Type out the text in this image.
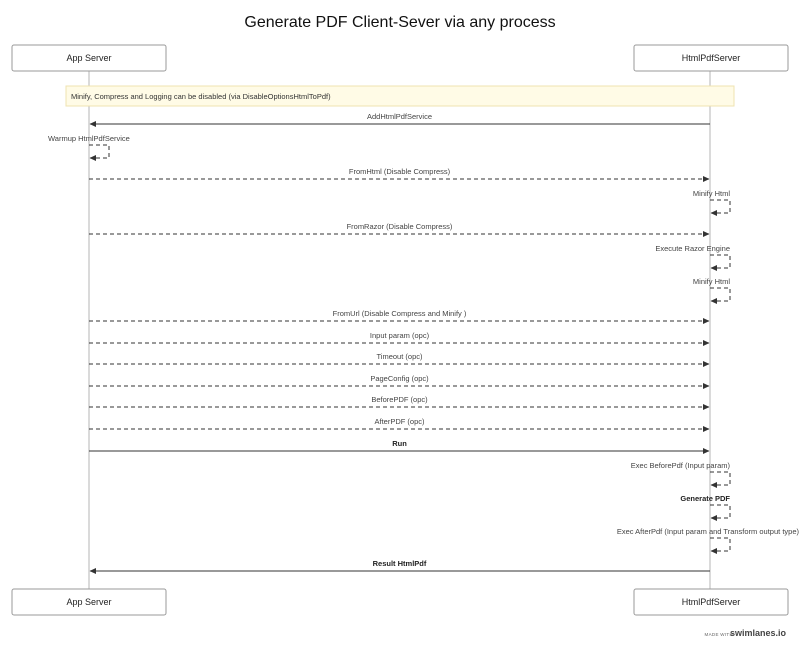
Generate PDF Client-Sever via any process
App Server	HtmlPdfServer
Minify, Compress and Logging can be disabled (via DisableOptionsHtmlToPdf)
AddHtmlPdfService
Warmup HtmlPdfService
FromHtml (Disable Compress)
Minify Html
FromRazor (Disable Compress)
Execute Razor Engine
Minify Html
FromUrl (Disable Compress and Minify )
Input param (opc)
Timeout (opc)
PageConfig (opc)
BeforePDF (opc)
AfterPDF (opc)
Run
Exec BeforePdf (Input param)
Generate PDF
Exec AfterPdf (Input param and Transform output type)
Result HtmlPdf
App Server	HtmlPdfServer
MADE WITH
swimlanes.io
